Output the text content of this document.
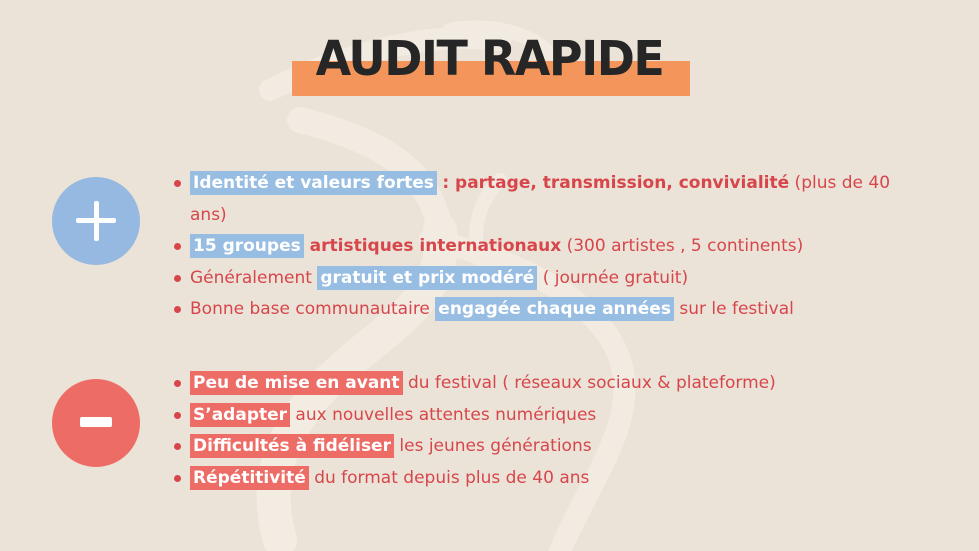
AUDIT RAPIDE
Identité et valeurs fortes : partage, transmission, convivialité (plus de 40 ans)
15 groupes artistiques internationaux (300 artistes , 5 continents)
Généralement gratuit et prix modéré ( journée gratuit)
Bonne base communautaire engagée chaque années sur le festival
Peu de mise en avant du festival ( réseaux sociaux & plateforme)
S’adapter aux nouvelles attentes numériques
Difficultés à fidéliser les jeunes générations
Répétitivité du format depuis plus de 40 ans
